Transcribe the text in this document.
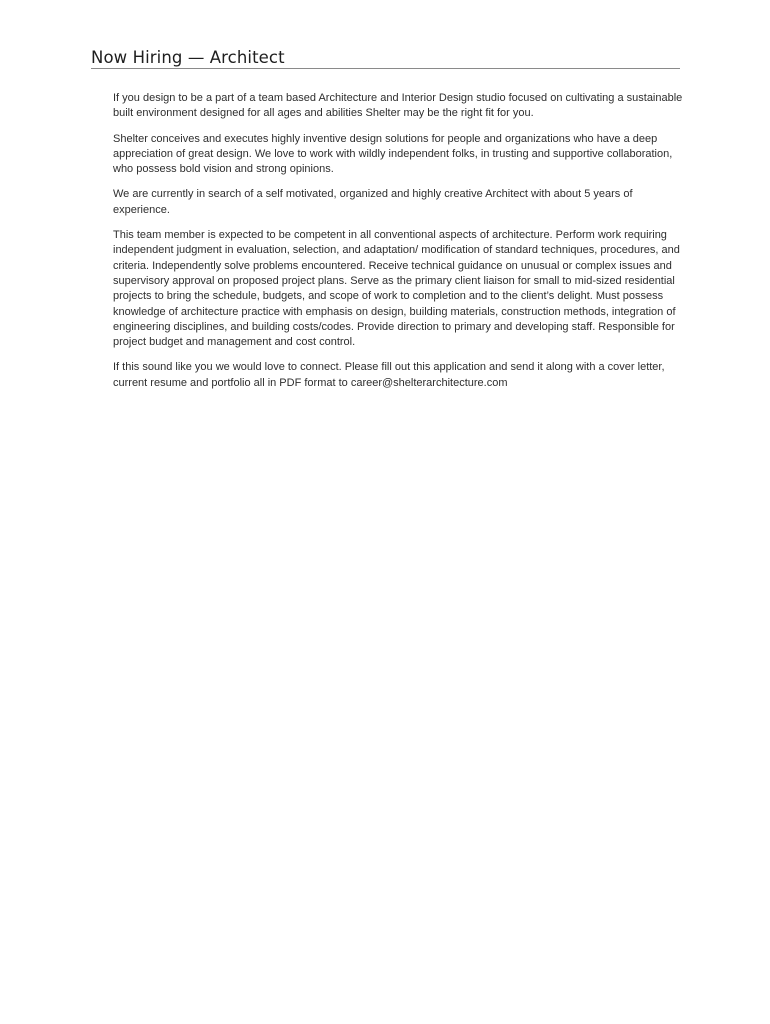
Now Hiring — Architect

If you design to be a part of a team based Architecture and Interior Design studio focused on cultivating a sustainable built environment designed for all ages and abilities Shelter may be the right fit for you.

Shelter conceives and executes highly inventive design solutions for people and organizations who have a deep appreciation of great design. We love to work with wildly independent folks, in trusting and supportive collaboration, who possess bold vision and strong opinions.

We are currently in search of a self motivated, organized and highly creative Architect with about 5 years of experience.

This team member is expected to be competent in all conventional aspects of architecture. Perform work requiring independent judgment in evaluation, selection, and adaptation/ modification of standard techniques, procedures, and criteria. Independently solve problems encountered. Receive technical guidance on unusual or complex issues and supervisory approval on proposed project plans. Serve as the primary client liaison for small to mid-sized residential projects to bring the schedule, budgets, and scope of work to completion and to the client’s delight. Must possess knowledge of architecture practice with emphasis on design, building materials, construction methods, integration of engineering disciplines, and building costs/codes. Provide direction to primary and developing staff. Responsible for project budget and management and cost control.

If this sound like you we would love to connect. Please fill out this application and send it along with a cover letter, current resume and portfolio all in PDF format to career@shelterarchitecture.com
